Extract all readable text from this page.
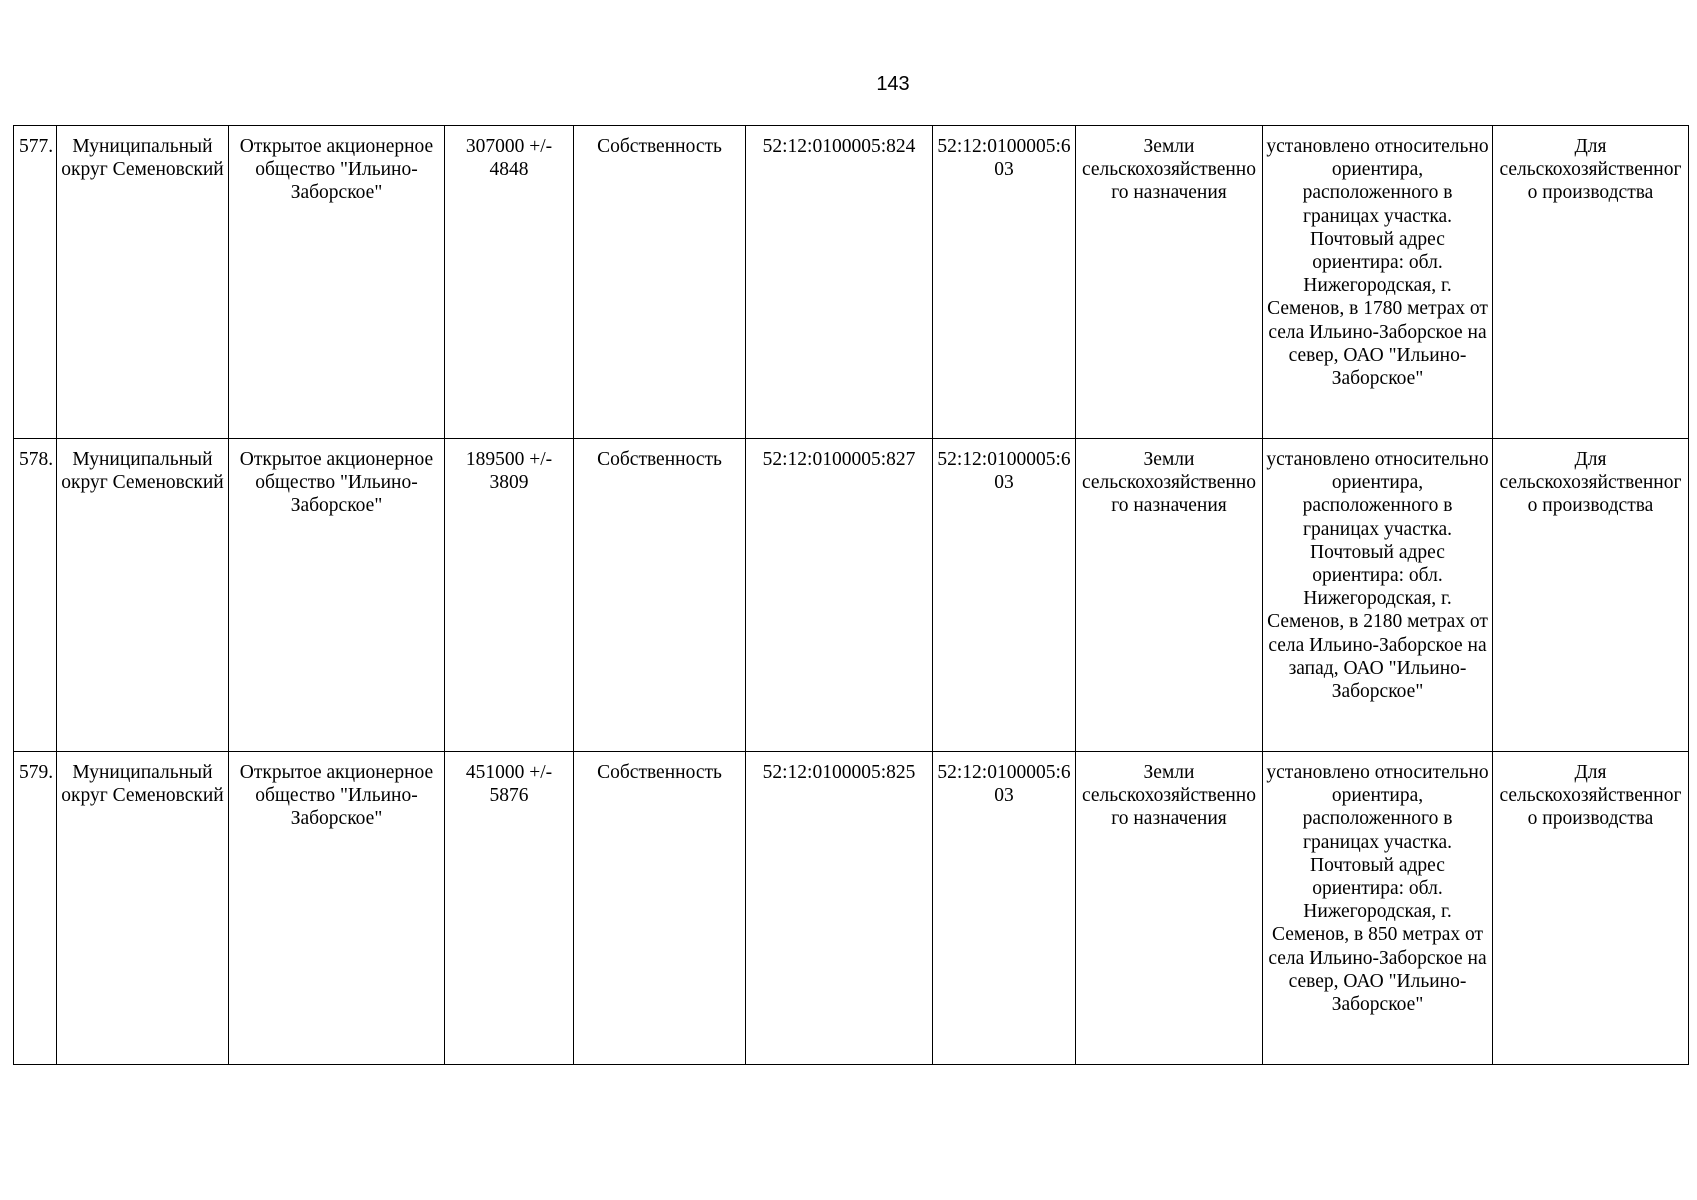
143
577.	Муниципальный округ Семеновский	Открытое акционерное общество "Ильино-Заборское"	307000 +/- 4848	Собственность	52:12:0100005:824	52:12:0100005:603	Земли сельскохозяйственного назначения	установлено относительно ориентира, расположенного в границах участка. Почтовый адрес ориентира: обл. Нижегородская, г. Семенов, в 1780 метрах от села Ильино-Заборское на север, ОАО "Ильино-Заборское"	Для сельскохозяйственного производства
578.	Муниципальный округ Семеновский	Открытое акционерное общество "Ильино-Заборское"	189500 +/- 3809	Собственность	52:12:0100005:827	52:12:0100005:603	Земли сельскохозяйственного назначения	установлено относительно ориентира, расположенного в границах участка. Почтовый адрес ориентира: обл. Нижегородская, г. Семенов, в 2180 метрах от села Ильино-Заборское на запад, ОАО "Ильино-Заборское"	Для сельскохозяйственного производства
579.	Муниципальный округ Семеновский	Открытое акционерное общество "Ильино-Заборское"	451000 +/- 5876	Собственность	52:12:0100005:825	52:12:0100005:603	Земли сельскохозяйственного назначения	установлено относительно ориентира, расположенного в границах участка. Почтовый адрес ориентира: обл. Нижегородская, г. Семенов, в 850 метрах от села Ильино-Заборское на север, ОАО "Ильино-Заборское"	Для сельскохозяйственного производства
